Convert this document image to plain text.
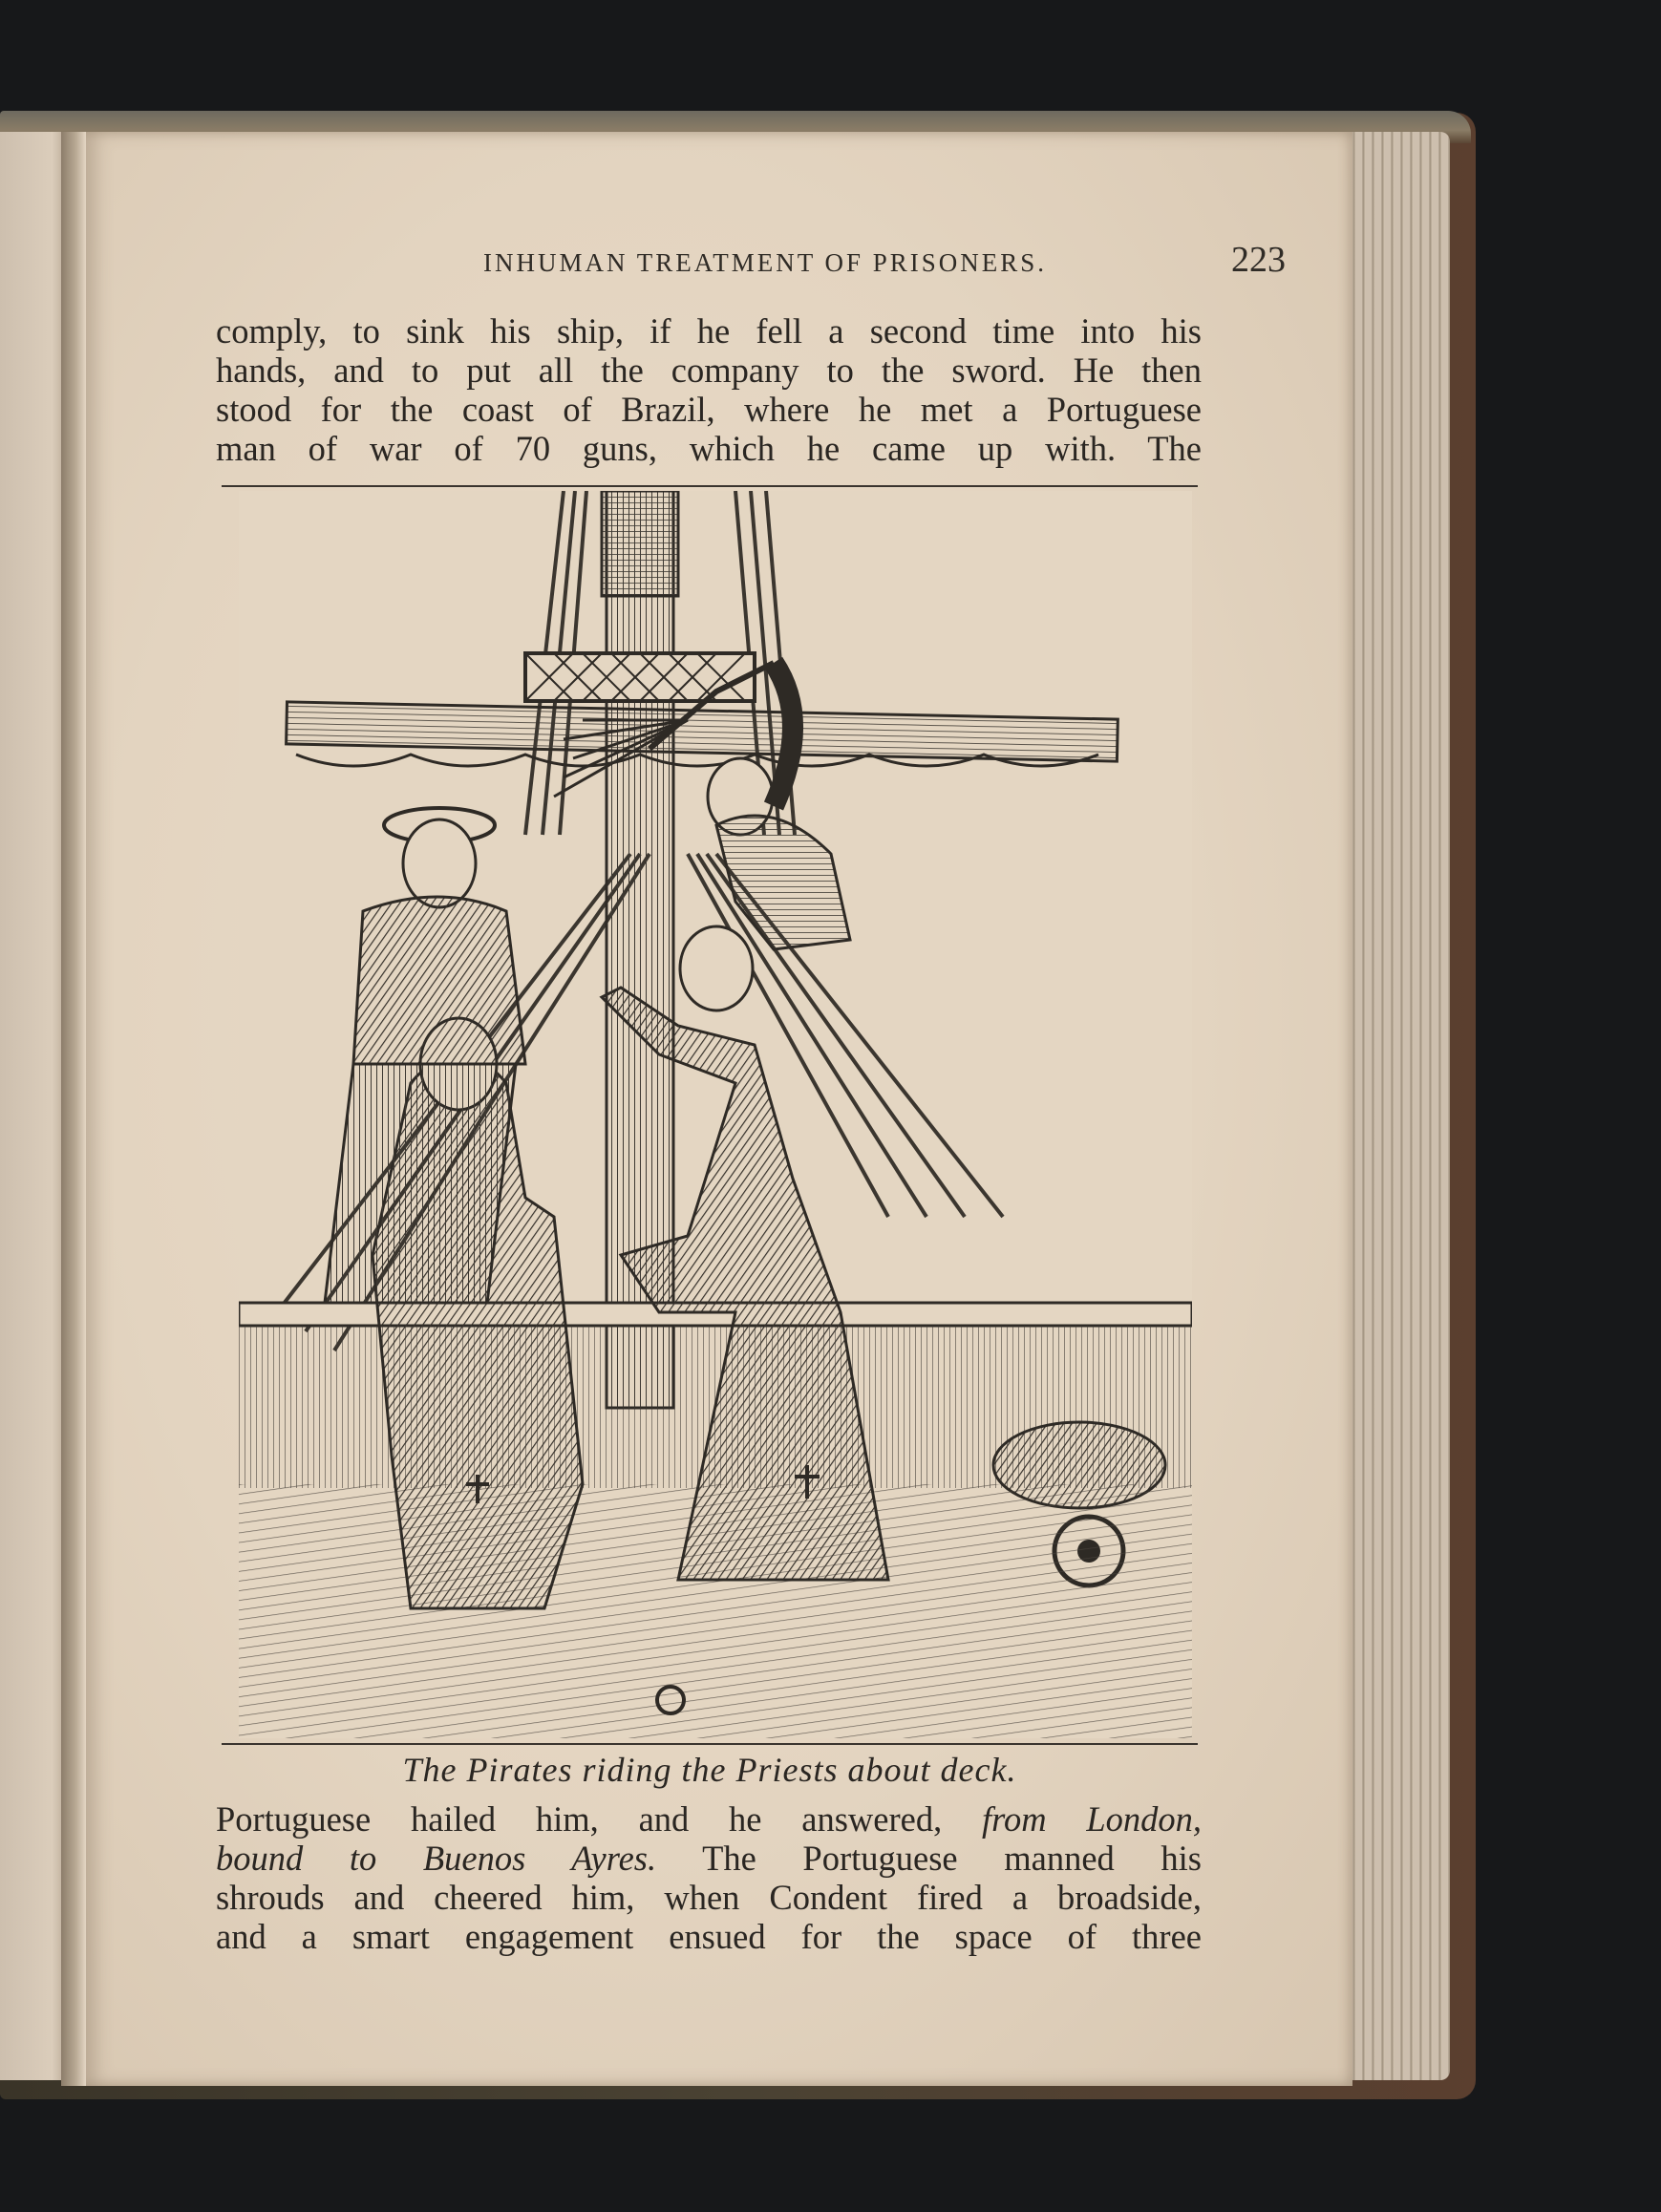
INHUMAN TREATMENT OF PRISONERS.	223

comply, to sink his ship, if he fell a second time into his

hands, and to put all the company to the sword. He then

stood for the coast of Brazil, where he met a Portuguese

man of war of 70 guns, which he came up with. The

The Pirates riding the Priests about deck.

Portuguese hailed him, and he answered, from London,

bound to Buenos Ayres. The Portuguese manned his

shrouds and cheered him, when Condent fired a broadside,

and a smart engagement ensued for the space of three
